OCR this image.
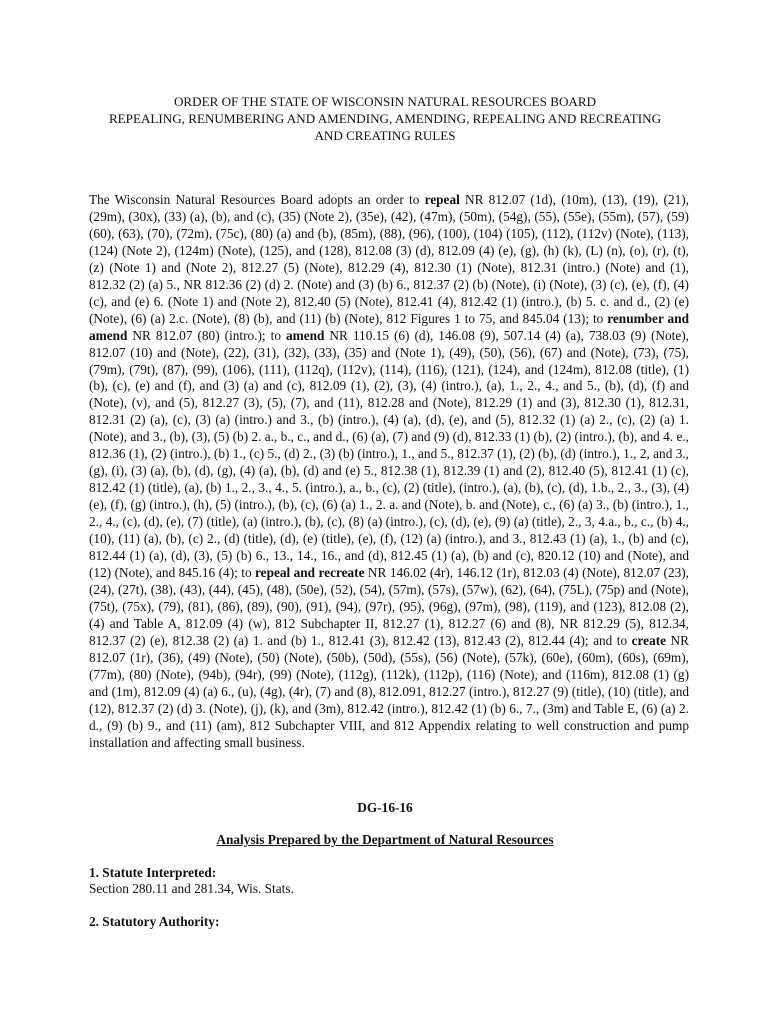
ORDER OF THE STATE OF WISCONSIN NATURAL RESOURCES BOARD
REPEALING, RENUMBERING AND AMENDING, AMENDING, REPEALING AND RECREATING
AND CREATING RULES
The Wisconsin Natural Resources Board adopts an order to repeal NR 812.07 (1d), (10m), (13), (19), (21), (29m), (30x), (33) (a), (b), and (c), (35) (Note 2), (35e), (42), (47m), (50m), (54g), (55), (55e), (55m), (57), (59) (60), (63), (70), (72m), (75c), (80) (a) and (b), (85m), (88), (96), (100), (104) (105), (112), (112v) (Note), (113), (124) (Note 2), (124m) (Note), (125), and (128), 812.08 (3) (d), 812.09 (4) (e), (g), (h) (k), (L) (n), (o), (r), (t), (z) (Note 1) and (Note 2), 812.27 (5) (Note), 812.29 (4), 812.30 (1) (Note), 812.31 (intro.) (Note) and (1), 812.32 (2) (a) 5., NR 812.36 (2) (d) 2. (Note) and (3) (b) 6., 812.37 (2) (b) (Note), (i) (Note), (3) (c), (e), (f), (4) (c), and (e) 6. (Note 1) and (Note 2), 812.40 (5) (Note), 812.41 (4), 812.42 (1) (intro.), (b) 5. c. and d., (2) (e) (Note), (6) (a) 2.c. (Note), (8) (b), and (11) (b) (Note), 812 Figures 1 to 75, and 845.04 (13); to renumber and amend NR 812.07 (80) (intro.); to amend NR 110.15 (6) (d), 146.08 (9), 507.14 (4) (a), 738.03 (9) (Note), 812.07 (10) and (Note), (22), (31), (32), (33), (35) and (Note 1), (49), (50), (56), (67) and (Note), (73), (75), (79m), (79t), (87), (99), (106), (111), (112q), (112v), (114), (116), (121), (124), and (124m), 812.08 (title), (1) (b), (c), (e) and (f), and (3) (a) and (c), 812.09 (1), (2), (3), (4) (intro.), (a), 1., 2., 4., and 5., (b), (d), (f) and (Note), (v), and (5), 812.27 (3), (5), (7), and (11), 812.28 and (Note), 812.29 (1) and (3), 812.30 (1), 812.31, 812.31 (2) (a), (c), (3) (a) (intro.) and 3., (b) (intro.), (4) (a), (d), (e), and (5), 812.32 (1) (a) 2., (c), (2) (a) 1. (Note), and 3., (b), (3), (5) (b) 2. a., b., c., and d., (6) (a), (7) and (9) (d), 812.33 (1) (b), (2) (intro.), (b), and 4. e., 812.36 (1), (2) (intro.), (b) 1., (c) 5., (d) 2., (3) (b) (intro.), 1., and 5., 812.37 (1), (2) (b), (d) (intro.), 1., 2, and 3., (g), (i), (3) (a), (b), (d), (g), (4) (a), (b), (d) and (e) 5., 812.38 (1), 812.39 (1) and (2), 812.40 (5), 812.41 (1) (c), 812.42 (1) (title), (a), (b) 1., 2., 3., 4., 5. (intro.), a., b., (c), (2) (title), (intro.), (a), (b), (c), (d), 1.b., 2., 3., (3), (4) (e), (f), (g) (intro.), (h), (5) (intro.), (b), (c), (6) (a) 1., 2. a. and (Note), b. and (Note), c., (6) (a) 3., (b) (intro.), 1., 2., 4., (c), (d), (e), (7) (title), (a) (intro.), (b), (c), (8) (a) (intro.), (c), (d), (e), (9) (a) (title), 2., 3, 4.a., b., c., (b) 4., (10), (11) (a), (b), (c) 2., (d) (title), (d), (e) (title), (e), (f), (12) (a) (intro.), and 3., 812.43 (1) (a), 1., (b) and (c), 812.44 (1) (a), (d), (3), (5) (b) 6., 13., 14., 16., and (d), 812.45 (1) (a), (b) and (c), 820.12 (10) and (Note), and (12) (Note), and 845.16 (4); to repeal and recreate NR 146.02 (4r), 146.12 (1r), 812.03 (4) (Note), 812.07 (23), (24), (27t), (38), (43), (44), (45), (48), (50e), (52), (54), (57m), (57s), (57w), (62), (64), (75L), (75p) and (Note), (75t), (75x), (79), (81), (86), (89), (90), (91), (94), (97r), (95), (96g), (97m), (98), (119), and (123), 812.08 (2), (4) and Table A, 812.09 (4) (w), 812 Subchapter II, 812.27 (1), 812.27 (6) and (8), NR 812.29 (5), 812.34, 812.37 (2) (e), 812.38 (2) (a) 1. and (b) 1., 812.41 (3), 812.42 (13), 812.43 (2), 812.44 (4); and to create NR 812.07 (1r), (36), (49) (Note), (50) (Note), (50b), (50d), (55s), (56) (Note), (57k), (60e), (60m), (60s), (69m), (77m), (80) (Note), (94b), (94r), (99) (Note), (112g), (112k), (112p), (116) (Note), and (116m), 812.08 (1) (g) and (1m), 812.09 (4) (a) 6., (u), (4g), (4r), (7) and (8), 812.091, 812.27 (intro.), 812.27 (9) (title), (10) (title), and (12), 812.37 (2) (d) 3. (Note), (j), (k), and (3m), 812.42 (intro.), 812.42 (1) (b) 6., 7., (3m) and Table E, (6) (a) 2. d., (9) (b) 9., and (11) (am), 812 Subchapter VIII, and 812 Appendix relating to well construction and pump installation and affecting small business.
DG-16-16
Analysis Prepared by the Department of Natural Resources
1. Statute Interpreted:
Section 280.11 and 281.34, Wis. Stats.
2. Statutory Authority:
